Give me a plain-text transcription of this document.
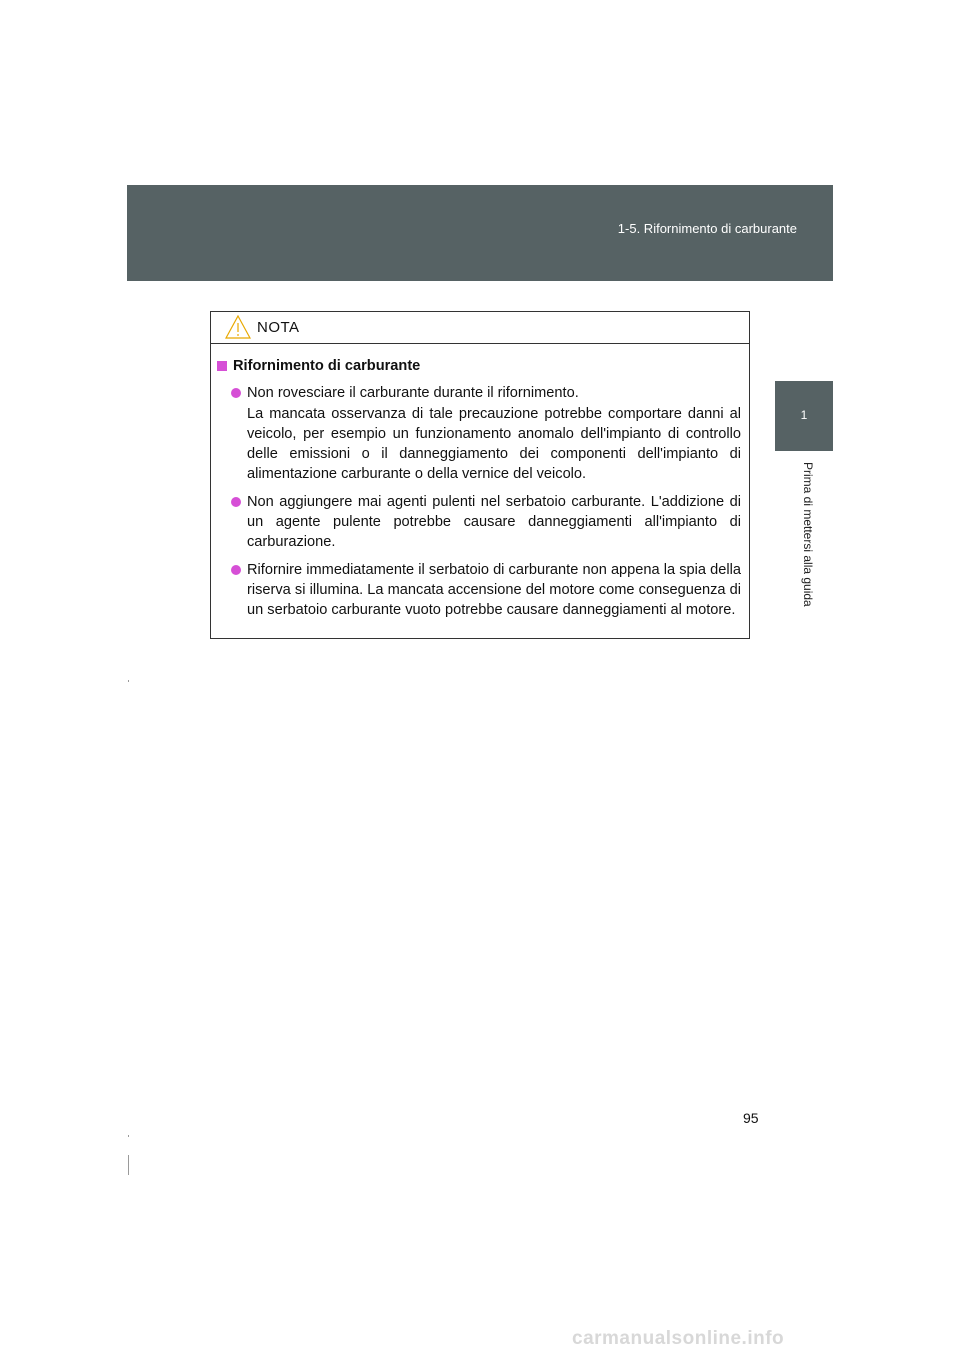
1-5. Rifornimento di carburante
1
Prima di mettersi alla guida
NOTA
Rifornimento di carburante

Non rovesciare il carburante durante il rifornimento.

La mancata osservanza di tale precauzione potrebbe comportare danni al veicolo, per esempio un funzionamento anomalo dell'impianto di controllo delle emissioni o il danneggiamento dei componenti dell'impianto di alimentazione carburante o della vernice del veicolo.

Non aggiungere mai agenti pulenti nel serbatoio carburante. L'addizione di un agente pulente potrebbe causare danneggiamenti all'impianto di carburazione.

Rifornire immediatamente il serbatoio di carburante non appena la spia della riserva si illumina. La mancata accensione del motore come conseguenza di un serbatoio carburante vuoto potrebbe causare danneggiamenti al motore.

95
carmanualsonline.info
